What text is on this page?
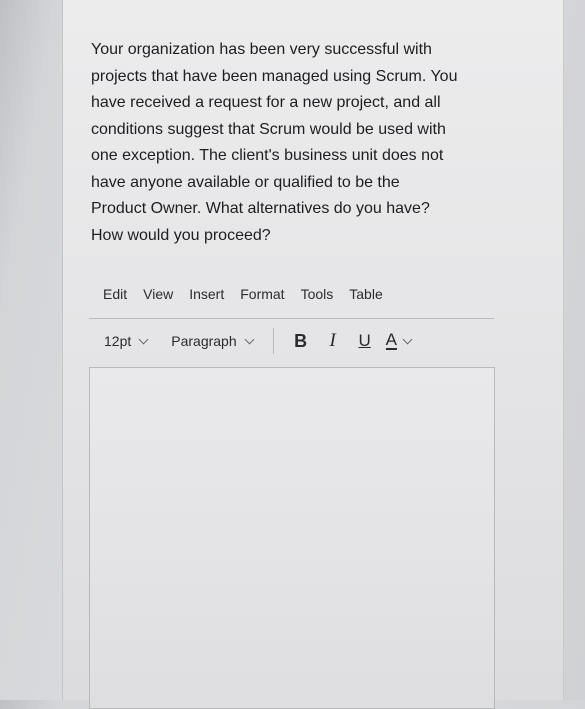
Your organization has been very successful with
projects that have been managed using Scrum. You
have received a request for a new project, and all
conditions suggest that Scrum would be used with
one exception. The client's business unit does not
have anyone available or qualified to be the
Product Owner. What alternatives do you have?
How would you proceed?

Edit View Insert Format Tools Table
12pt	Paragraph	B	I	U A
